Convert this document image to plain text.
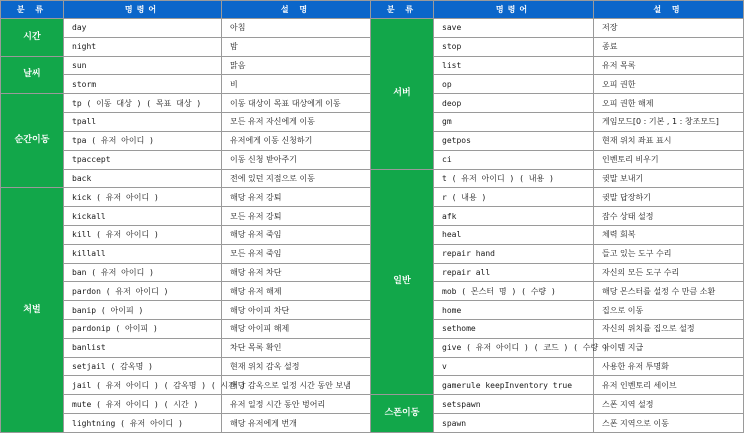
분 류	명령어	설 명	분 류	명령어	설 명
시간	day	아침	서버	save	저장
	night	밤		stop	종료
날씨	sun	맑음		list	유저 목록
	storm	비		op	오피 권한
순간이동	tp ( 이동 대상 ) ( 목표 대상 )	이동 대상이 목표 대상에게 이동		deop	오피 권한 해제
	tpall	모든 유저 자신에게 이동		gm	게임모드[0 : 기본 , 1 : 창조모드]
	tpa ( 유저 아이디 )	유저에게 이동 신청하기		getpos	현재 위치 좌표 표시
	tpaccept	이동 신청 받아주기		ci	인벤토리 비우기
	back	전에 있던 지점으로 이동	일반	t ( 유저 아이디 ) ( 내용 )	귓말 보내기
처벌	kick ( 유저 아이디 )	해당 유저 강퇴		r ( 내용 )	귓말 답장하기
	kickall	모든 유저 강퇴		afk	잠수 상태 설정
	kill ( 유저 아이디 )	해당 유저 죽임		heal	체력 회복
	killall	모든 유저 죽임		repair hand	들고 있는 도구 수리
	ban ( 유저 아이디 )	해당 유저 차단		repair all	자신의 모든 도구 수리
	pardon ( 유저 아이디 )	해당 유저 해제		mob ( 몬스터 명 ) ( 수량 )	해당 몬스터를 설정 수 만큼 소환
	banip ( 아이피 )	해당 아이피 차단		home	집으로 이동
	pardonip ( 아이피 )	해당 아이피 해제		sethome	자신의 위치를 집으로 설정
	banlist	차단 목록 확인		give ( 유저 아이디 ) ( 코드 ) ( 수량 )	아이템 지급
	setjail ( 감옥명 )	현재 위치 감옥 설정		v	사용한 유저 투명화
	jail ( 유저 아이디 ) ( 감옥명 ) ( 시간 )	해당 감옥으로 일정 시간 동안 보냄		gamerule keepInventory true	유저 인벤토리 세이브
	mute ( 유저 아이디 ) ( 시간 )	유저 일정 시간 동안 벙어리	스폰이동	setspawn	스폰 지역 설정
	lightning ( 유저 아이디 )	해당 유저에게 번개		spawn	스폰 지역으로 이동
